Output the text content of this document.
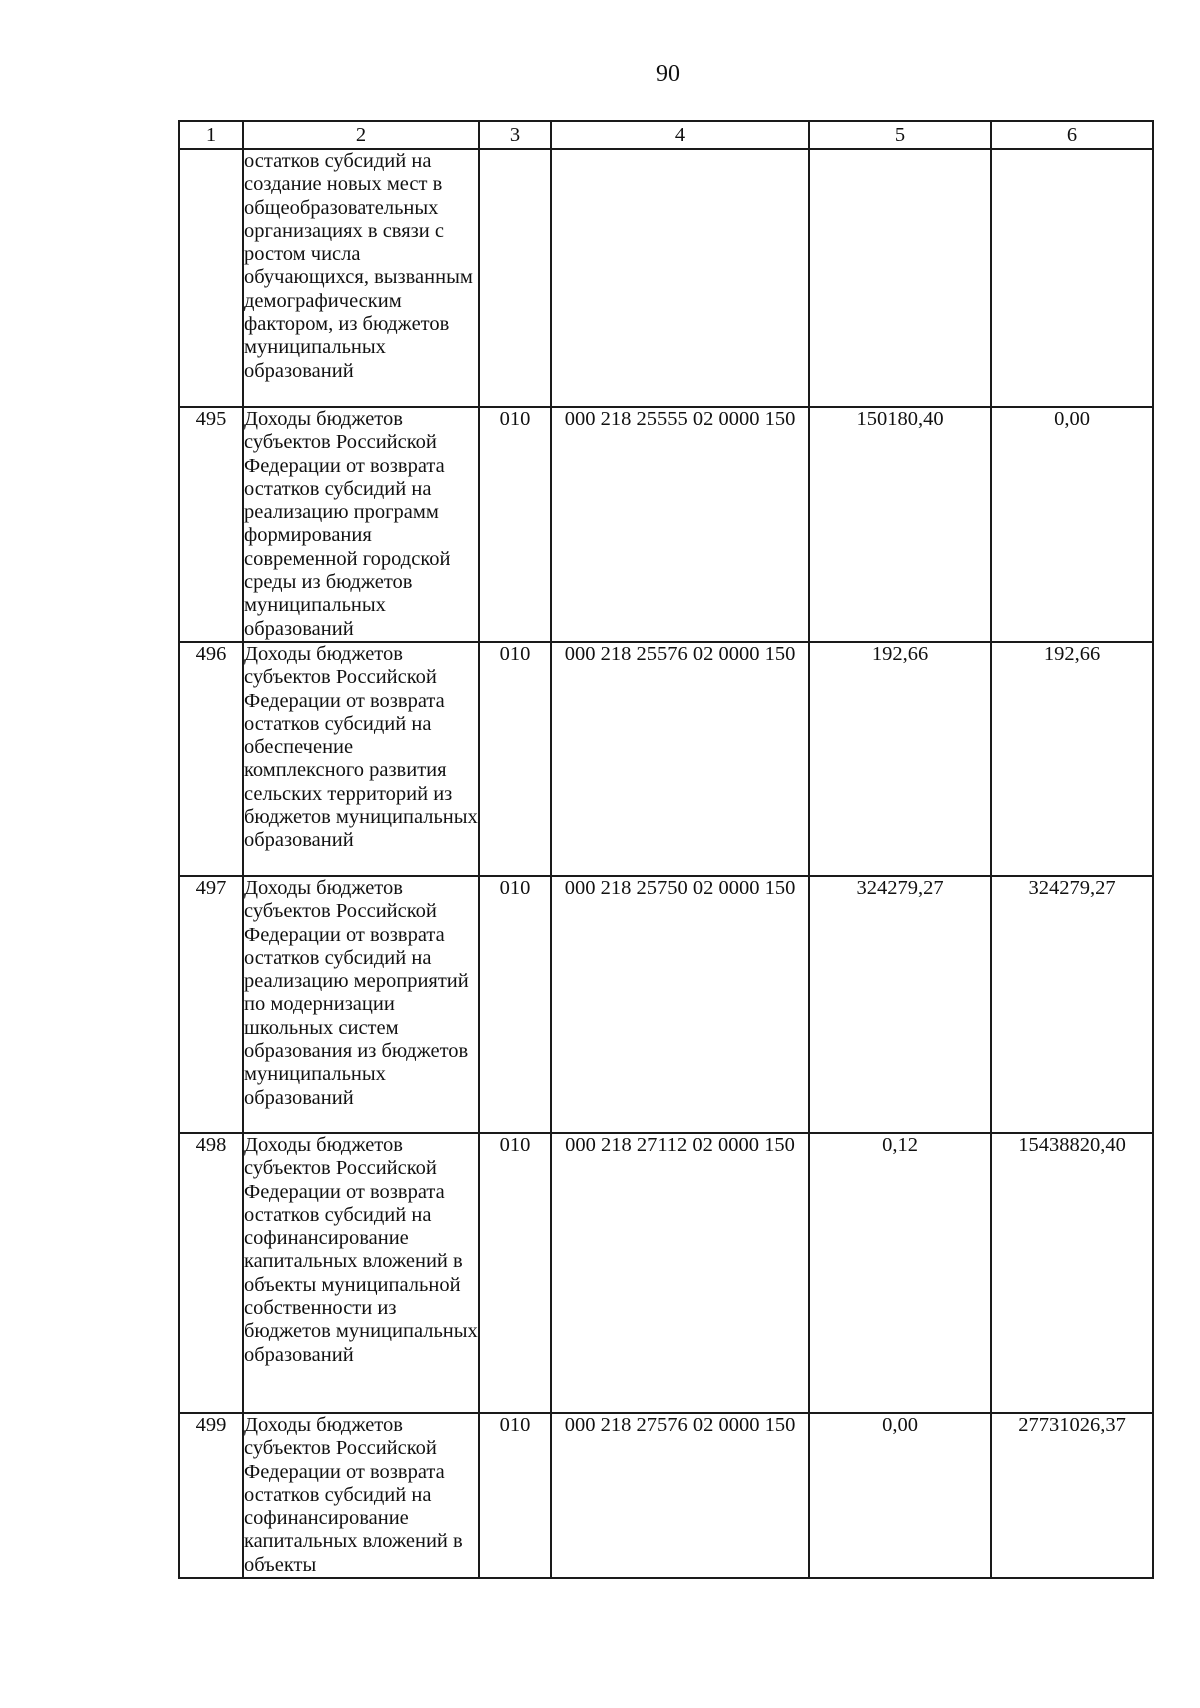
90
1	2	3	4	5	6
	остатков субсидий на создание новых мест в общеобразовательных организациях в связи с ростом числа обучающихся, вызванным демографическим фактором, из бюджетов муниципальных образований				
495	Доходы бюджетов субъектов Российской Федерации от возврата остатков субсидий на реализацию программ формирования современной городской среды из бюджетов муниципальных образований	010	000 218 25555 02 0000 150	150180,40	0,00
496	Доходы бюджетов субъектов Российской Федерации от возврата остатков субсидий на обеспечение комплексного развития сельских территорий из бюджетов муниципальных образований	010	000 218 25576 02 0000 150	192,66	192,66
497	Доходы бюджетов субъектов Российской Федерации от возврата остатков субсидий на реализацию мероприятий по модернизации школьных систем образования из бюджетов муниципальных образований	010	000 218 25750 02 0000 150	324279,27	324279,27
498	Доходы бюджетов субъектов Российской Федерации от возврата остатков субсидий на софинансирование капитальных вложений в объекты муниципальной собственности из бюджетов муниципальных образований	010	000 218 27112 02 0000 150	0,12	15438820,40
499	Доходы бюджетов субъектов Российской Федерации от возврата остатков субсидий на софинансирование капитальных вложений в объекты	010	000 218 27576 02 0000 150	0,00	27731026,37
